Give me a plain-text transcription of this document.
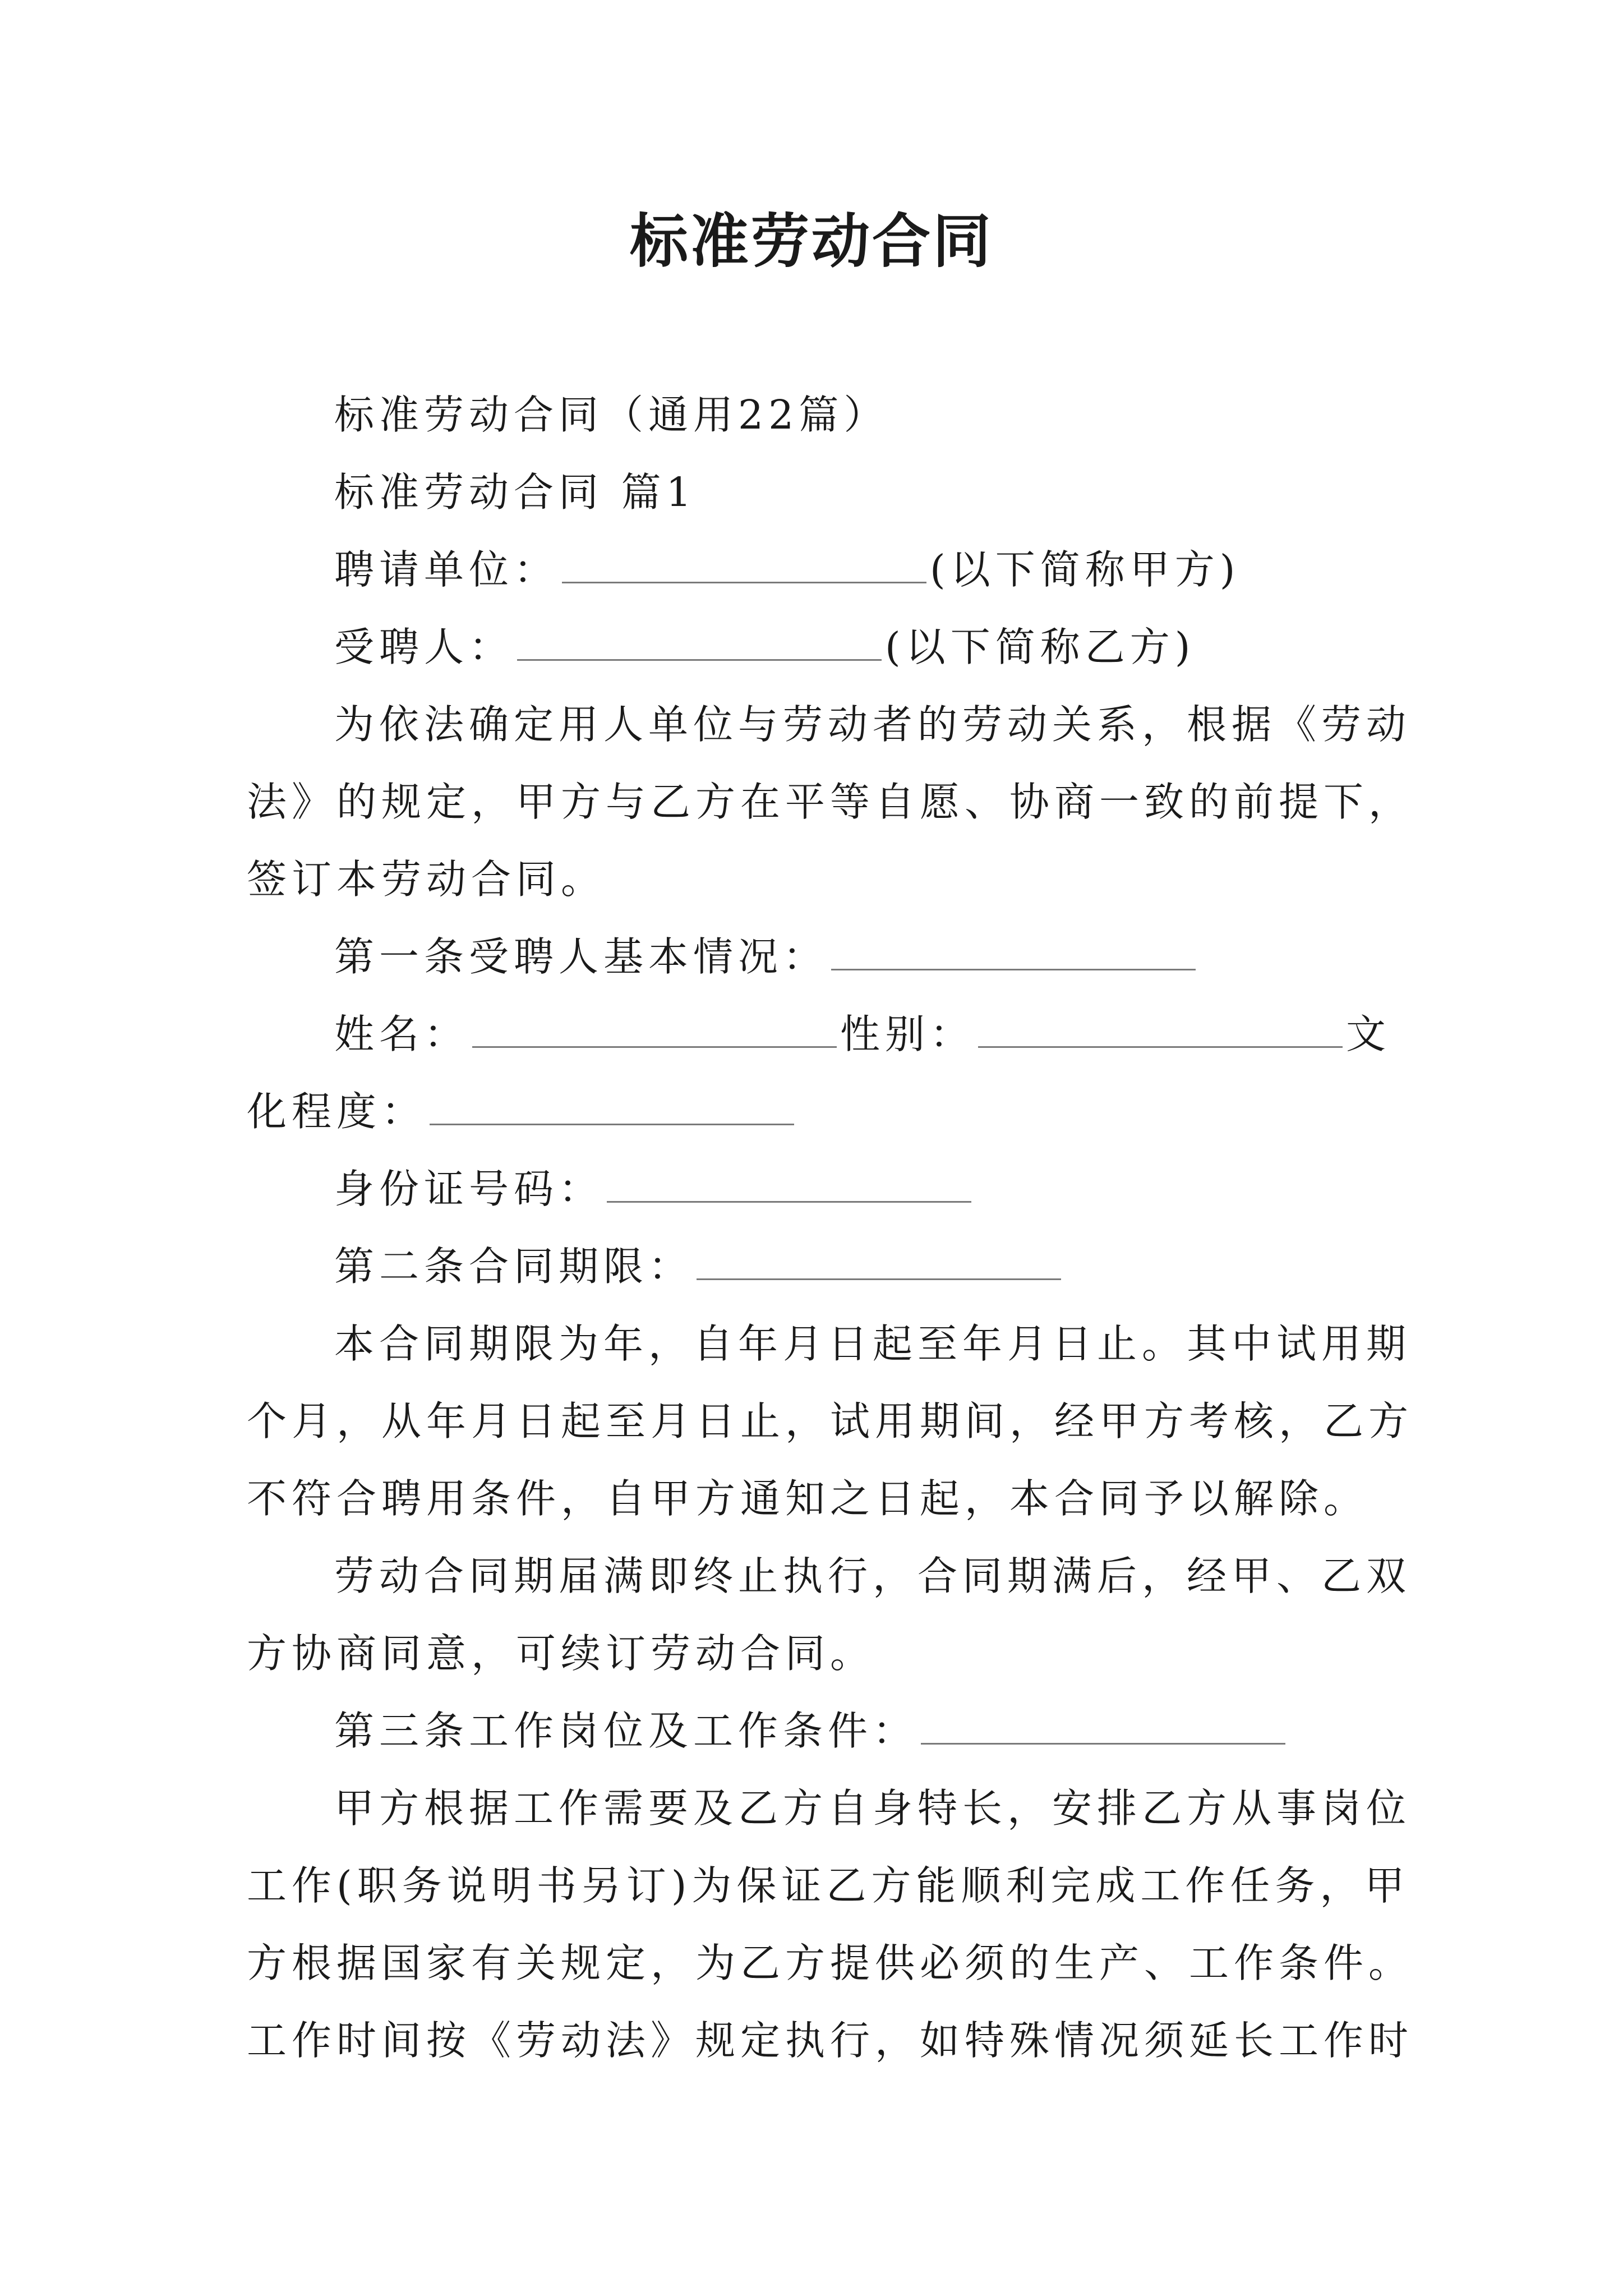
标准劳动合同
标准劳动合同（通用22篇）
标准劳动合同 篇1
聘请单位：	(以下简称甲方)
受聘人：	(以下简称乙方)
为依法确定用人单位与劳动者的劳动关系，根据《劳动
法》的规定，甲方与乙方在平等自愿、协商一致的前提下，
签订本劳动合同。
第一条受聘人基本情况：
姓名：	性别：	文
化程度：
身份证号码：
第二条合同期限：
本合同期限为年，自年月日起至年月日止。其中试用期
个月，从年月日起至月日止，试用期间，经甲方考核，乙方
不符合聘用条件，自甲方通知之日起，本合同予以解除。
劳动合同期届满即终止执行，合同期满后，经甲、乙双
方协商同意，可续订劳动合同。
第三条工作岗位及工作条件：
甲方根据工作需要及乙方自身特长，安排乙方从事岗位
工作(职务说明书另订)为保证乙方能顺利完成工作任务，甲
方根据国家有关规定，为乙方提供必须的生产、工作条件。
工作时间按《劳动法》规定执行，如特殊情况须延长工作时
